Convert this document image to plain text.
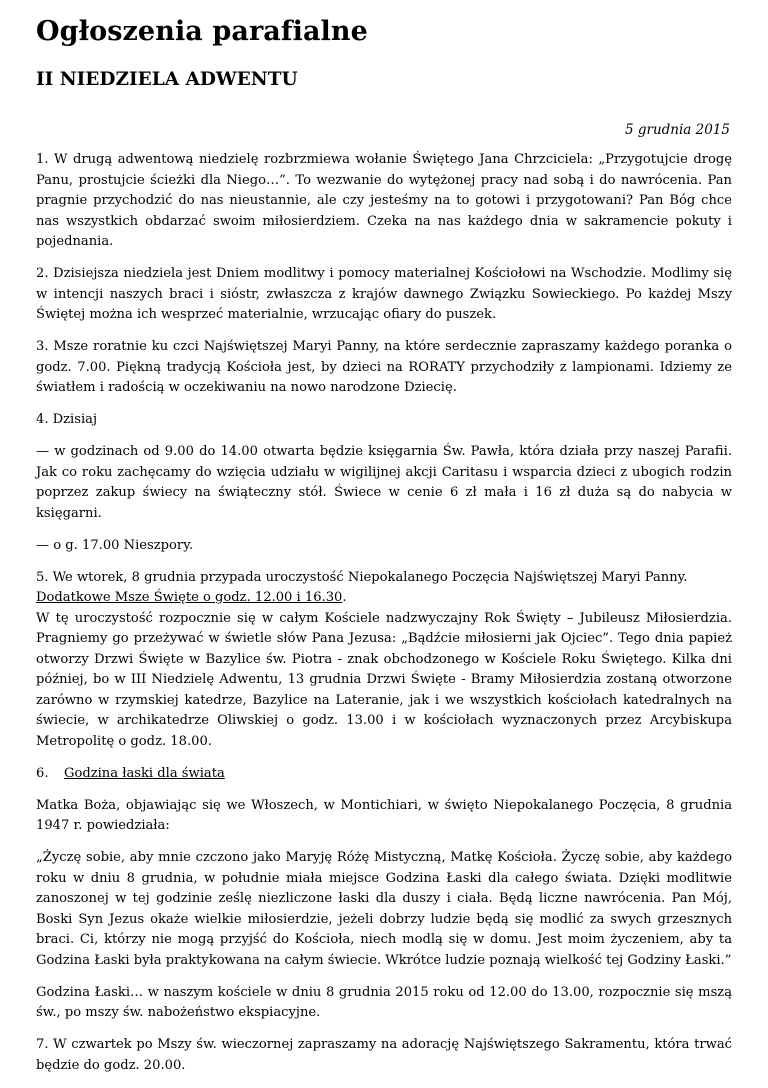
Ogłoszenia parafialne
II NIEDZIELA ADWENTU
5 grudnia 2015

1. W drugą adwentową niedzielę rozbrzmiewa wołanie Świętego Jana Chrzciciela: „Przygotujcie drogę Panu, prostujcie ścieżki dla Niego…”. To wezwanie do wytężonej pracy nad sobą i do nawrócenia. Pan pragnie przychodzić do nas nieustannie, ale czy jesteśmy na to gotowi i przygotowani? Pan Bóg chce nas wszystkich obdarzać swoim miłosierdziem. Czeka na nas każdego dnia w sakramencie pokuty i pojednania.

2. Dzisiejsza niedziela jest Dniem modlitwy i pomocy materialnej Kościołowi na Wschodzie. Modlimy się w intencji naszych braci i sióstr, zwłaszcza z krajów dawnego Związku Sowieckiego. Po każdej Mszy Świętej można ich wesprzeć materialnie, wrzucając ofiary do puszek.

3. Msze roratnie ku czci Najświętszej Maryi Panny, na które serdecznie zapraszamy każdego poranka o godz. 7.00. Piękną tradycją Kościoła jest, by dzieci na RORATY przychodziły z lampionami. Idziemy ze światłem i radością w oczekiwaniu na nowo narodzone Dziecię.

4. Dzisiaj

— w godzinach od 9.00 do 14.00 otwarta będzie księgarnia Św. Pawła, która działa przy naszej Parafii. Jak co roku zachęcamy do wzięcia udziału w wigilijnej akcji Caritasu i wsparcia dzieci z ubogich rodzin poprzez zakup świecy na świąteczny stół. Świece w cenie 6 zł mała i 16 zł duża są do nabycia w księgarni.

— o g. 17.00 Nieszpory.

5. We wtorek, 8 grudnia przypada uroczystość Niepokalanego Poczęcia Najświętszej Maryi Panny.
Dodatkowe Msze Święte o godz. 12.00 i 16.30.
W tę uroczystość rozpocznie się w całym Kościele nadzwyczajny Rok Święty – Jubileusz Miłosierdzia. Pragniemy go przeżywać w świetle słów Pana Jezusa: „Bądźcie miłosierni jak Ojciec”. Tego dnia papież otworzy Drzwi Święte w Bazylice św. Piotra - znak obchodzonego w Kościele Roku Świętego. Kilka dni później, bo w III Niedzielę Adwentu, 13 grudnia Drzwi Święte - Bramy Miłosierdzia zostaną otworzone zarówno w rzymskiej katedrze, Bazylice na Lateranie, jak i we wszystkich kościołach katedralnych na świecie, w archikatedrze Oliwskiej o godz. 13.00 i w kościołach wyznaczonych przez Arcybiskupa Metropolitę o godz. 18.00.

6. Godzina łaski dla świata

Matka Boża, objawiając się we Włoszech, w Montichiari, w święto Niepokalanego Poczęcia, 8 grudnia 1947 r. powiedziała:

„Życzę sobie, aby mnie czczono jako Maryję Różę Mistyczną, Matkę Kościoła. Życzę sobie, aby każdego roku w dniu 8 grudnia, w południe miała miejsce Godzina Łaski dla całego świata. Dzięki modlitwie zanoszonej w tej godzinie ześlę niezliczone łaski dla duszy i ciała. Będą liczne nawrócenia. Pan Mój, Boski Syn Jezus okaże wielkie miłosierdzie, jeżeli dobrzy ludzie będą się modlić za swych grzesznych braci. Ci, którzy nie mogą przyjść do Kościoła, niech modlą się w domu. Jest moim życzeniem, aby ta Godzina Łaski była praktykowana na całym świecie. Wkrótce ludzie poznają wielkość tej Godziny Łaski.”

Godzina Łaski… w naszym kościele w dniu 8 grudnia 2015 roku od 12.00 do 13.00, rozpocznie się mszą św., po mszy św. nabożeństwo ekspiacyjne.

7. W czwartek po Mszy św. wieczornej zapraszamy na adorację Najświętszego Sakramentu, która trwać będzie do godz. 20.00.
